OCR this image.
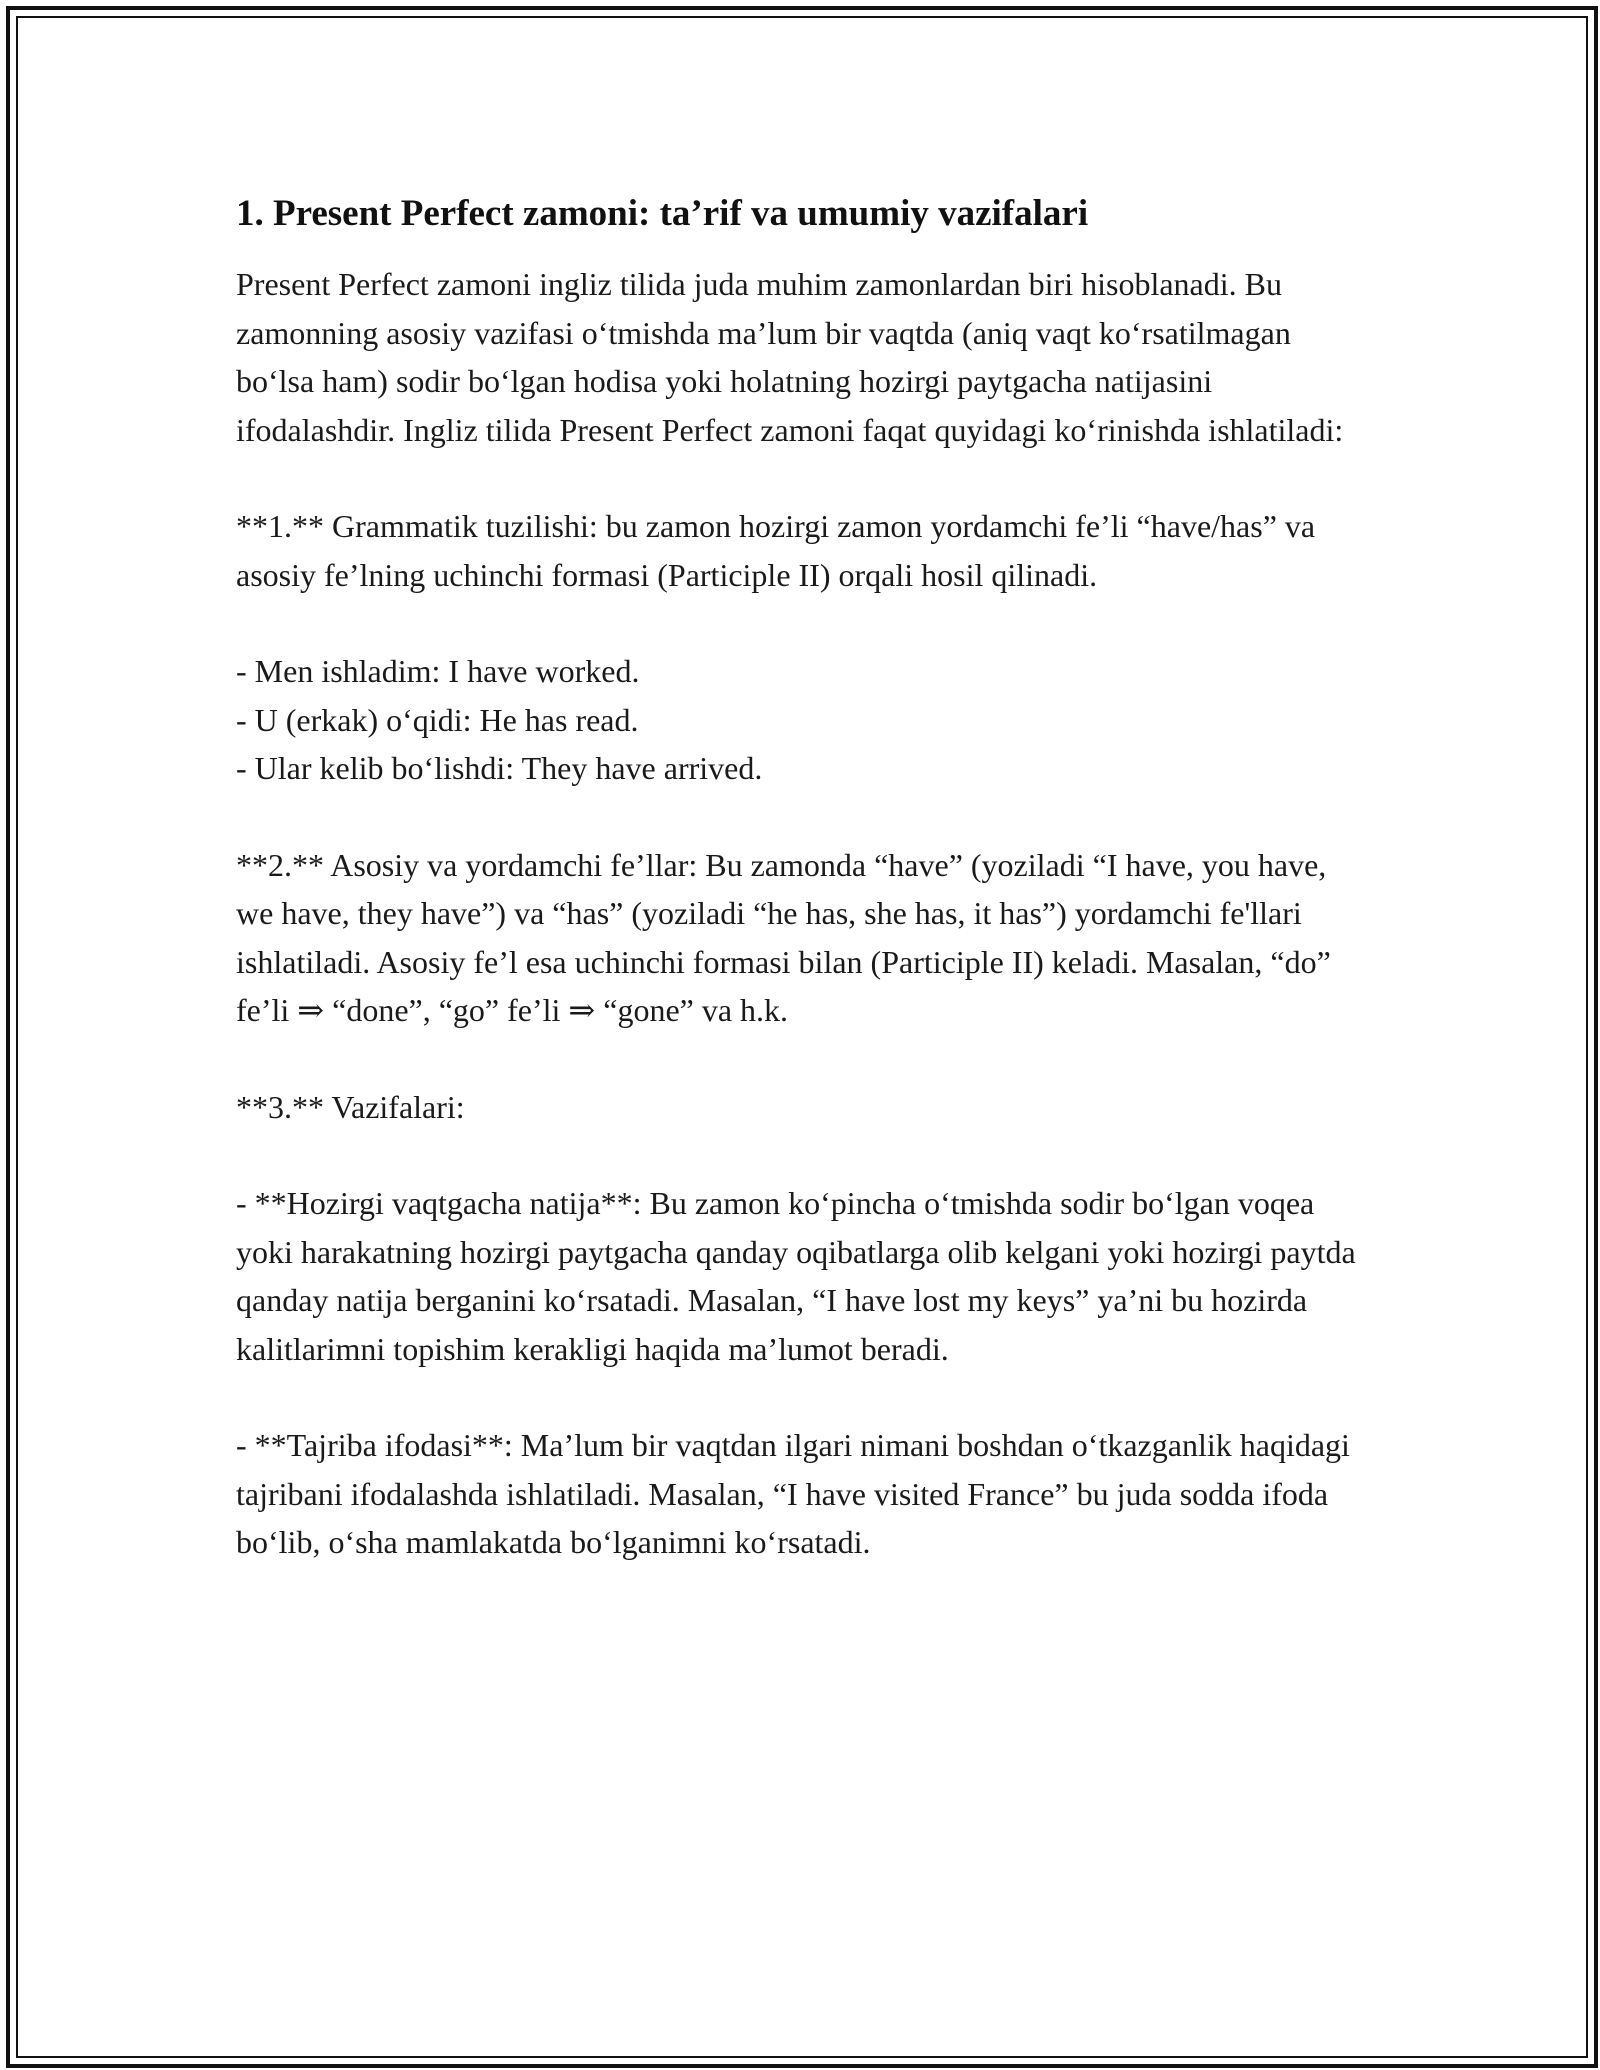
1. Present Perfect zamoni: ta’rif va umumiy vazifalari

Present Perfect zamoni ingliz tilida juda muhim zamonlardan biri hisoblanadi. Bu zamonning asosiy vazifasi o‘tmishda ma’lum bir vaqtda (aniq vaqt ko‘rsatilmagan bo‘lsa ham) sodir bo‘lgan hodisa yoki holatning hozirgi paytgacha natijasini ifodalashdir. Ingliz tilida Present Perfect zamoni faqat quyidagi ko‘rinishda ishlatiladi:

**1.** Grammatik tuzilishi: bu zamon hozirgi zamon yordamchi fe’li “have/has” va asosiy fe’lning uchinchi formasi (Participle II) orqali hosil qilinadi.

- Men ishladim: I have worked.
- U (erkak) o‘qidi: He has read.
- Ular kelib bo‘lishdi: They have arrived.

**2.** Asosiy va yordamchi fe’llar: Bu zamonda “have” (yoziladi “I have, you have, we have, they have”) va “has” (yoziladi “he has, she has, it has”) yordamchi fe'llari ishlatiladi. Asosiy fe’l esa uchinchi formasi bilan (Participle II) keladi. Masalan, “do” fe’li ⇒ “done”, “go” fe’li ⇒ “gone” va h.k.

**3.** Vazifalari:

- **Hozirgi vaqtgacha natija**: Bu zamon ko‘pincha o‘tmishda sodir bo‘lgan voqea yoki harakatning hozirgi paytgacha qanday oqibatlarga olib kelgani yoki hozirgi paytda qanday natija berganini ko‘rsatadi. Masalan, “I have lost my keys” ya’ni bu hozirda kalitlarimni topishim kerakligi haqida ma’lumot beradi.

- **Tajriba ifodasi**: Ma’lum bir vaqtdan ilgari nimani boshdan o‘tkazganlik haqidagi tajribani ifodalashda ishlatiladi. Masalan, “I have visited France” bu juda sodda ifoda bo‘lib, o‘sha mamlakatda bo‘lganimni ko‘rsatadi.
